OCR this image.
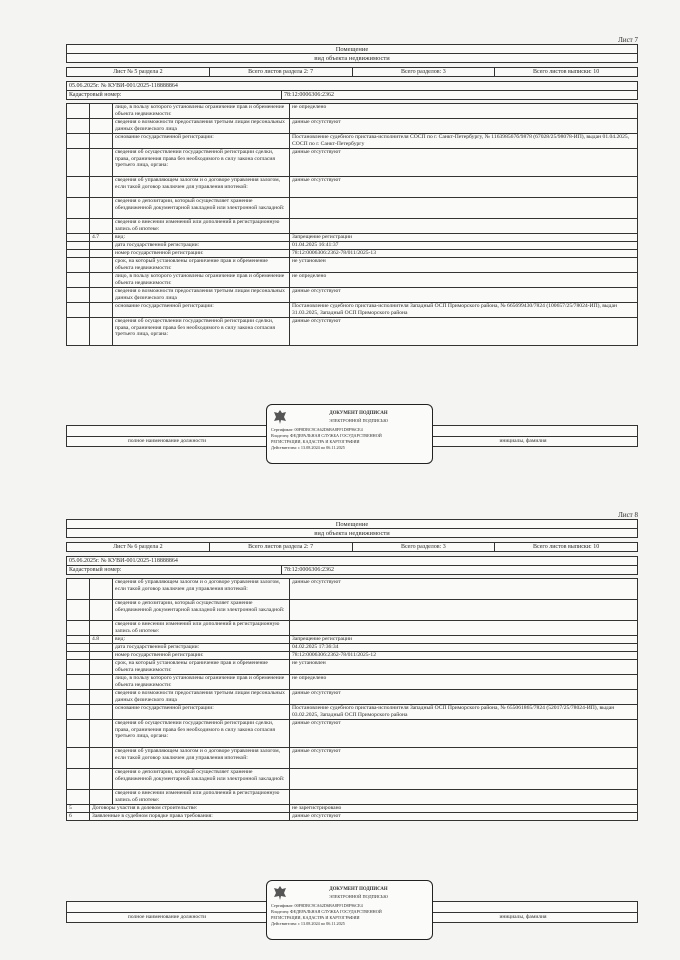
Лист 7
Помещение
вид объекта недвижимости
Лист № 5 раздела 2	Всего листов раздела 2: 7	Всего разделов: 3	Всего листов выписки: 10
05.06.2025г. № КУВИ-001/2025-118888864
Кадастровый номер:	78:12:0006306:2362
		лицо, в пользу которого установлены ограничение прав и обременение объекта недвижимости:	не определено
		сведения о возможности предоставления третьим лицам персональных данных физического лица	данные отсутствуют
		основание государственной регистрации:	Постановление судебного пристава-исполнителя СОСП по г. Санкт-Петербургу, № 116398567б/9878 (67028/25/98078-ИП), выдан 01.04.2025, СОСП по г. Санкт-Петербургу
		сведения об осуществлении государственной регистрации сделки, права, ограничения права без необходимого в силу закона согласия третьего лица, органа:	данные отсутствуют
		сведения об управляющем залогом и о договоре управления залогом, если такой договор заключен для управления ипотекой:	данные отсутствуют
		сведения о депозитарии, который осуществляет хранение обездвиженной документарной закладной или электронной закладной:	
		сведения о внесении изменений или дополнений в регистрационную запись об ипотеке:	
	4.7	вид:	Запрещение регистрации
		дата государственной регистрации:	01.04.2025 16:41:37
		номер государственной регистрации:	78:12:0006306:2362-78/011/2025-13
		срок, на который установлены ограничение прав и обременение объекта недвижимости:	не установлен
		лицо, в пользу которого установлены ограничение прав и обременение объекта недвижимости:	не определено
		сведения о возможности предоставления третьим лицам персональных данных физического лица	данные отсутствуют
		основание государственной регистрации:	Постановление судебного пристава-исполнителя Западный ОСП Приморского района, № 665699430/7824 (100657/25/78024-ИП), выдан 31.03.2025, Западный ОСП Приморского района
		сведения об осуществлении государственной регистрации сделки, права, ограничения права без необходимого в силу закона согласия третьего лица, органа:	данные отсутствуют
полное наименование должности	инициалы, фамилия
ДОКУМЕНТ ПОДПИСАН
ЭЛЕКТРОННОЙ ПОДПИСЬЮ
Сертификат: 00F8DBC9CA62D6BA8FF1D8F96CE4
Владелец: ФЕДЕРАЛЬНАЯ СЛУЖБА ГОСУДАРСТВЕННОЙ
РЕГИСТРАЦИИ, КАДАСТРА И КАРТОГРАФИИ
Действителен: с 13.08.2024 по 06.11.2025
Лист 8
Помещение
вид объекта недвижимости
Лист № 6 раздела 2	Всего листов раздела 2: 7	Всего разделов: 3	Всего листов выписки: 10
05.06.2025г. № КУВИ-001/2025-118888864
Кадастровый номер:	78:12:0006306:2362
		сведения об управляющем залогом и о договоре управления залогом, если такой договор заключен для управления ипотекой:	данные отсутствуют
		сведения о депозитарии, который осуществляет хранение обездвиженной документарной закладной или электронной закладной:	
		сведения о внесении изменений или дополнений в регистрационную запись об ипотеке:	
	4.8	вид:	Запрещение регистрации
		дата государственной регистрации:	04.02.2025 17:36:34
		номер государственной регистрации:	78:12:0006306:2362-78/011/2025-12
		срок, на который установлены ограничение прав и обременение объекта недвижимости:	не установлен
		лицо, в пользу которого установлены ограничение прав и обременение объекта недвижимости:	не определено
		сведения о возможности предоставления третьим лицам персональных данных физического лица	данные отсутствуют
		основание государственной регистрации:	Постановление судебного пристава-исполнителя Западный ОСП Приморского района, № 655061865/7824 (52017/25/78024-ИП), выдан 03.02.2025, Западный ОСП Приморского района
		сведения об осуществлении государственной регистрации сделки, права, ограничения права без необходимого в силу закона согласия третьего лица, органа:	данные отсутствуют
		сведения об управляющем залогом и о договоре управления залогом, если такой договор заключен для управления ипотекой:	данные отсутствуют
		сведения о депозитарии, который осуществляет хранение обездвиженной документарной закладной или электронной закладной:	
		сведения о внесении изменений или дополнений в регистрационную запись об ипотеке:	
5	Договоры участия в долевом строительстве:		не зарегистрировано
6	Заявленные в судебном порядке права требования:		данные отсутствуют
полное наименование должности	инициалы, фамилия
ДОКУМЕНТ ПОДПИСАН
ЭЛЕКТРОННОЙ ПОДПИСЬЮ
Сертификат: 00F8DBC9CA62D6BA8FF1D8F96CE4
Владелец: ФЕДЕРАЛЬНАЯ СЛУЖБА ГОСУДАРСТВЕННОЙ
РЕГИСТРАЦИИ, КАДАСТРА И КАРТОГРАФИИ
Действителен: с 13.08.2024 по 06.11.2025
